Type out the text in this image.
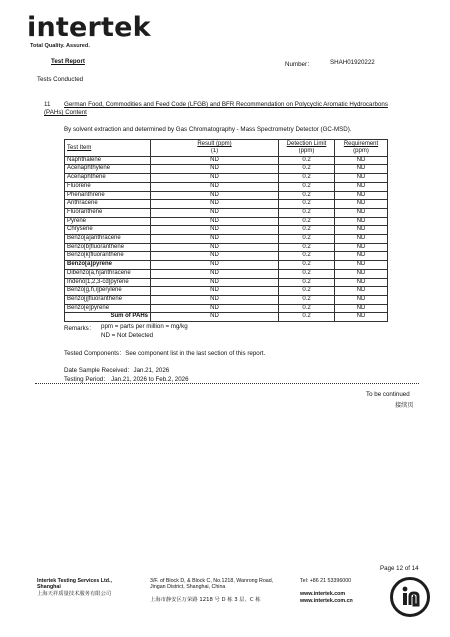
intertek
Total Quality. Assured.
Test Report	Number：	SHAH01920222
Tests Conducted
11 German Food, Commodities and Feed Code (LFGB) and BFR Recommendation on Polycyclic Aromatic Hydrocarbons
(PAHs) Content
By solvent extraction and determined by Gas Chromatography - Mass Spectrometry Detector (GC-MSD).
Test Item	Result (ppm)	Detection Limit	Requirement
	(1)	(ppm)	(ppm)
Naphthalene	ND	0.2	ND
Acenaphthylene	ND	0.2	ND
Acenaphthene	ND	0.2	ND
Fluorene	ND	0.2	ND
Phenanthrene	ND	0.2	ND
Anthracene	ND	0.2	ND
Fluoranthene	ND	0.2	ND
Pyrene	ND	0.2	ND
Chrysene	ND	0.2	ND
Benzo[a]anthracene	ND	0.2	ND
Benzo[b]fluoranthene	ND	0.2	ND
Benzo[k]fluoranthene	ND	0.2	ND
Benzo[a]pyrene	ND	0.2	ND
Dibenzo[a,h]anthracene	ND	0.2	ND
Indeno[1,2,3-cd]pyrene	ND	0.2	ND
Benzo[g,h,i]perylene	ND	0.2	ND
Benzo[j]fluoranthene	ND	0.2	ND
Benzo[e]pyrene	ND	0.2	ND
Sum of PAHs	ND	0.2	ND
Remarks： ppm = parts per million = mg/kg
ND = Not Detected
Tested Components：See component list in the last section of this report.
Date Sample Received：Jan.21, 2026
Testing Period： Jan.21, 2026 to Feb.2, 2026
To be continued
接续页
Page 12 of 14
Intertek Testing Services Ltd.,
Shanghai
上海天祥质量技术服务有限公司
3/F. of Block D, & Block C, No.1218, Wanrong Road,
Jingan District, Shanghai, China
上海市静安区万荣路 1218 号 D 栋 3 层、C 栋
Tel: +86 21 53396000
www.intertek.com
www.intertek.com.cn
